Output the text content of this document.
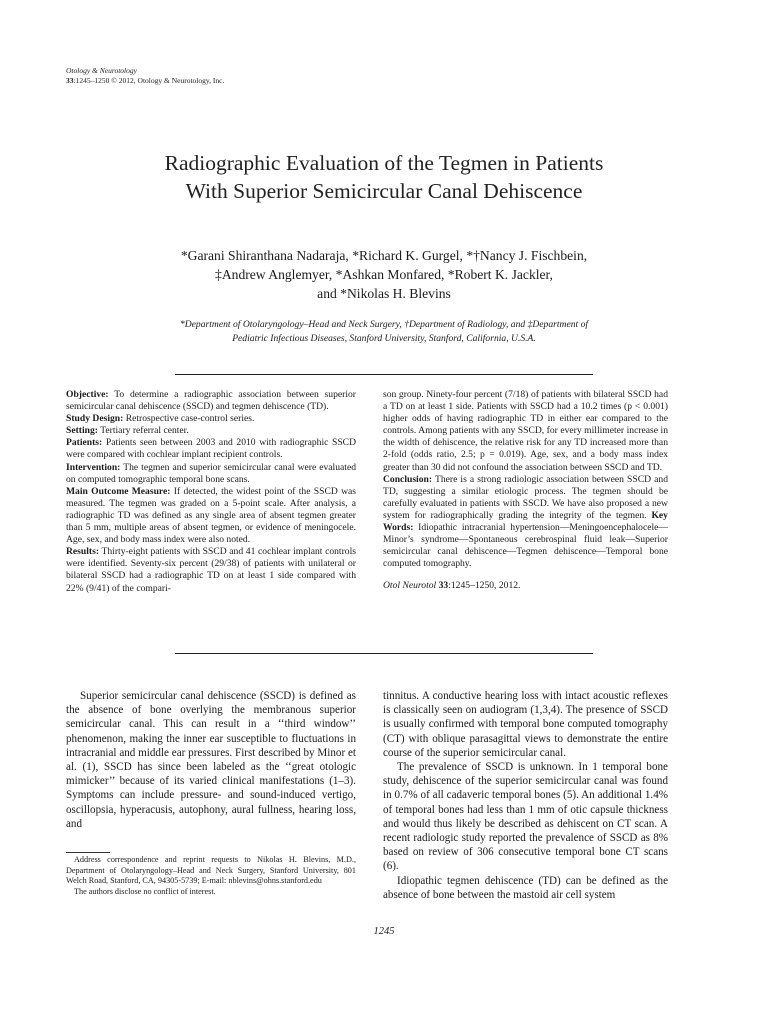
Otology & Neurotology
33:1245–1250 © 2012, Otology & Neurotology, Inc.
Radiographic Evaluation of the Tegmen in Patients
With Superior Semicircular Canal Dehiscence
*Garani Shiranthana Nadaraja, *Richard K. Gurgel, *†Nancy J. Fischbein,
‡Andrew Anglemyer, *Ashkan Monfared, *Robert K. Jackler,
and *Nikolas H. Blevins
*Department of Otolaryngology–Head and Neck Surgery, †Department of Radiology, and ‡Department of
Pediatric Infectious Diseases, Stanford University, Stanford, California, U.S.A.

Objective: To determine a radiographic association between superior semicircular canal dehiscence (SSCD) and tegmen dehiscence (TD).

Study Design: Retrospective case-control series.

Setting: Tertiary referral center.

Patients: Patients seen between 2003 and 2010 with radiographic SSCD were compared with cochlear implant recipient controls.

Intervention: The tegmen and superior semicircular canal were evaluated on computed tomographic temporal bone scans.

Main Outcome Measure: If detected, the widest point of the SSCD was measured. The tegmen was graded on a 5-point scale. After analysis, a radiographic TD was defined as any single area of absent tegmen greater than 5 mm, multiple areas of absent tegmen, or evidence of meningocele. Age, sex, and body mass index were also noted.

Results: Thirty-eight patients with SSCD and 41 cochlear implant controls were identified. Seventy-six percent (29/38) of patients with unilateral or bilateral SSCD had a radiographic TD on at least 1 side compared with 22% (9/41) of the compari-

son group. Ninety-four percent (7/18) of patients with bilateral SSCD had a TD on at least 1 side. Patients with SSCD had a 10.2 times (p < 0.001) higher odds of having radiographic TD in either ear compared to the controls. Among patients with any SSCD, for every millimeter increase in the width of dehiscence, the relative risk for any TD increased more than 2-fold (odds ratio, 2.5; p = 0.019). Age, sex, and a body mass index greater than 30 did not confound the association between SSCD and TD.

Conclusion: There is a strong radiologic association between SSCD and TD, suggesting a similar etiologic process. The tegmen should be carefully evaluated in patients with SSCD. We have also proposed a new system for radiographically grading the integrity of the tegmen. Key Words: Idiopathic intracranial hypertension—Meningoencephalocele—Minor’s syndrome—Spontaneous cerebrospinal fluid leak—Superior semicircular canal dehiscence—Tegmen dehiscence—Temporal bone computed tomography.

Otol Neurotol 33:1245–1250, 2012.

Superior semicircular canal dehiscence (SSCD) is defined as the absence of bone overlying the membranous superior semicircular canal. This can result in a ‘‘third window’’ phenomenon, making the inner ear susceptible to fluctuations in intracranial and middle ear pressures. First described by Minor et al. (1), SSCD has since been labeled as the ‘‘great otologic mimicker’’ because of its varied clinical manifestations (1–3). Symptoms can include pressure- and sound-induced vertigo, oscillopsia, hyperacusis, autophony, aural fullness, hearing loss, and

tinnitus. A conductive hearing loss with intact acoustic reflexes is classically seen on audiogram (1,3,4). The presence of SSCD is usually confirmed with temporal bone computed tomography (CT) with oblique parasagittal views to demonstrate the entire course of the superior semicircular canal.

The prevalence of SSCD is unknown. In 1 temporal bone study, dehiscence of the superior semicircular canal was found in 0.7% of all cadaveric temporal bones (5). An additional 1.4% of temporal bones had less than 1 mm of otic capsule thickness and would thus likely be described as dehiscent on CT scan. A recent radiologic study reported the prevalence of SSCD as 8% based on review of 306 consecutive temporal bone CT scans (6).

Idiopathic tegmen dehiscence (TD) can be defined as the absence of bone between the mastoid air cell system

Address correspondence and reprint requests to Nikolas H. Blevins, M.D., Department of Otolaryngology–Head and Neck Surgery, Stanford University, 801 Welch Road, Stanford, CA, 94305-5739; E-mail: nblevins@ohns.stanford.edu

The authors disclose no conflict of interest.

1245
